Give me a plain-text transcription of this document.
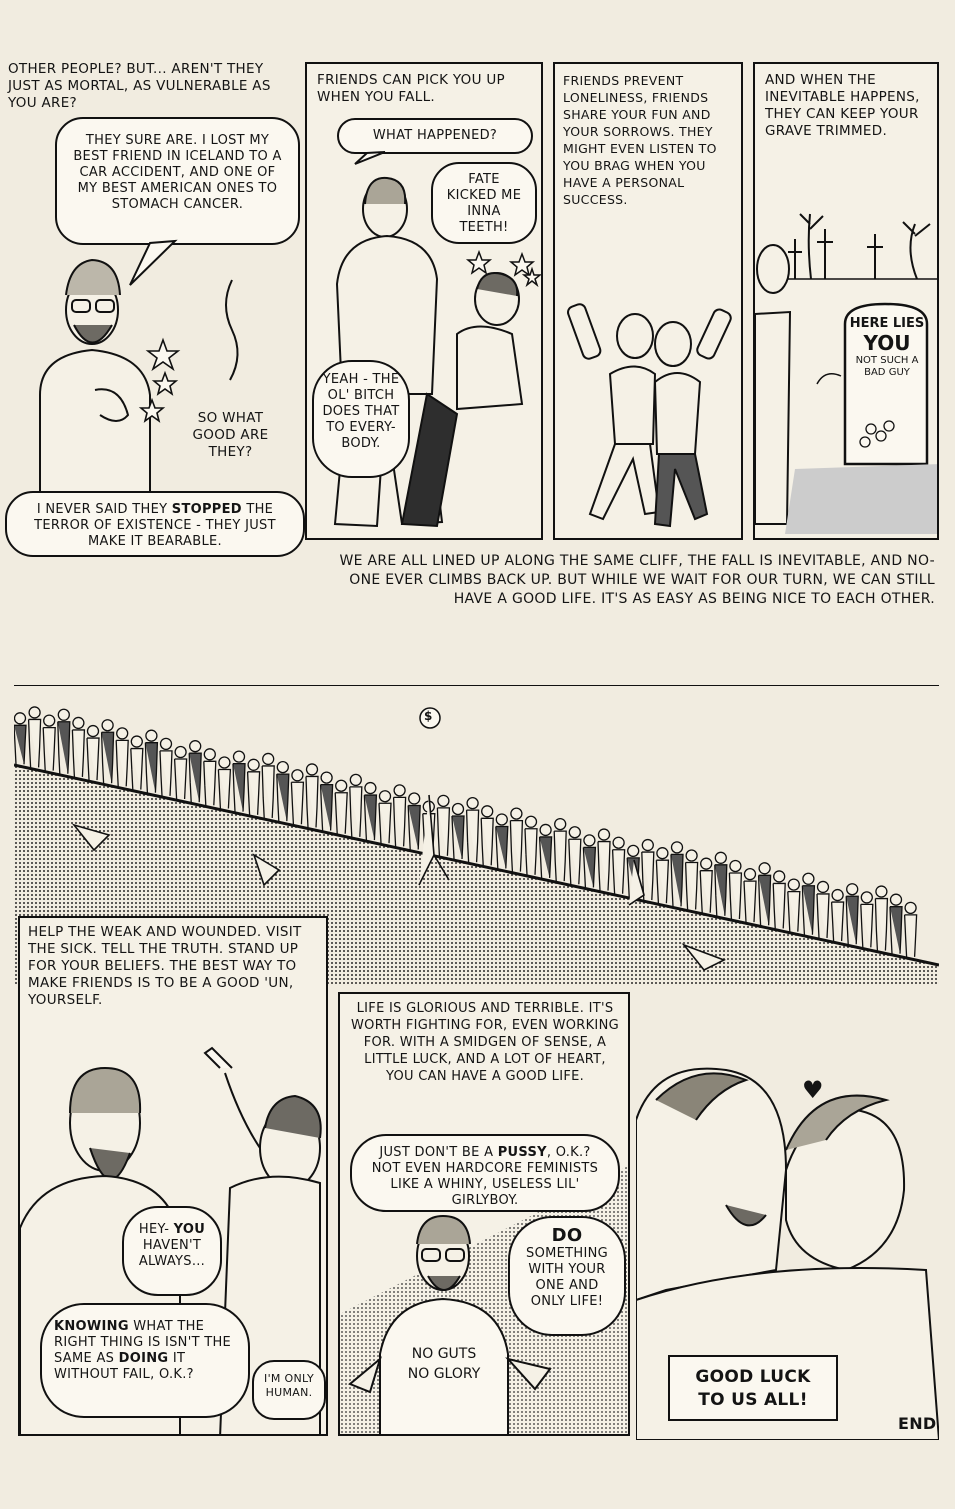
OTHER PEOPLE? BUT... AREN'T THEY JUST AS MORTAL, AS VULNERABLE AS YOU ARE?
THEY SURE ARE. I LOST MY BEST FRIEND IN ICELAND TO A CAR ACCIDENT, AND ONE OF MY BEST AMERICAN ONES TO STOMACH CANCER.
SO WHAT GOOD ARE THEY?
I NEVER SAID THEY STOPPED THE TERROR OF EXISTENCE - THEY JUST MAKE IT BEARABLE.
FRIENDS CAN PICK YOU UP WHEN YOU FALL.
WHAT HAPPENED?
FATE KICKED ME INNA TEETH!
YEAH - THE OL' BITCH DOES THAT TO EVERY-BODY.
FRIENDS PREVENT LONELINESS, FRIENDS SHARE YOUR FUN AND YOUR SORROWS. THEY MIGHT EVEN LISTEN TO YOU BRAG WHEN YOU HAVE A PERSONAL SUCCESS.
AND WHEN THE INEVITABLE HAPPENS, THEY CAN KEEP YOUR GRAVE TRIMMED.
HERE LIES
YOU
NOT SUCH A BAD GUY
WE ARE ALL LINED UP ALONG THE SAME CLIFF, THE FALL IS INEVITABLE, AND NO-ONE EVER CLIMBS BACK UP. BUT WHILE WE WAIT FOR OUR TURN, WE CAN STILL HAVE A GOOD LIFE. IT'S AS EASY AS BEING NICE TO EACH OTHER.
$
HELP THE WEAK AND WOUNDED. VISIT THE SICK. TELL THE TRUTH. STAND UP FOR YOUR BELIEFS. THE BEST WAY TO MAKE FRIENDS IS TO BE A GOOD 'UN, YOURSELF.
HEY- YOU HAVEN'T ALWAYS...
KNOWING WHAT THE RIGHT THING IS ISN'T THE SAME AS DOING IT WITHOUT FAIL, O.K.?	I'M ONLY HUMAN.
LIFE IS GLORIOUS AND TERRIBLE. IT'S WORTH FIGHTING FOR, EVEN WORKING FOR. WITH A SMIDGEN OF SENSE, A LITTLE LUCK, AND A LOT OF HEART, YOU CAN HAVE A GOOD LIFE.
JUST DON'T BE A PUSSY, O.K.? NOT EVEN HARDCORE FEMINISTS LIKE A WHINY, USELESS LIL' GIRLYBOY.
DO
SOMETHING WITH YOUR ONE AND ONLY LIFE!
NO GUTS NO GLORY
♥
GOOD LUCK TO US ALL!
END
